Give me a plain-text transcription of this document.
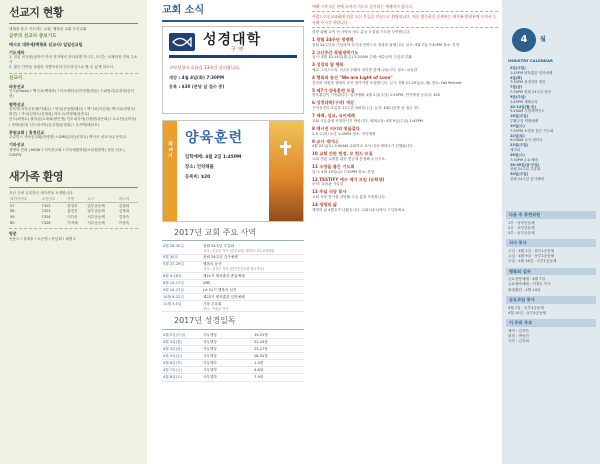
선교지 현황
세계를 품고 기도하는 교회, 행복한 교회 우리교회
금주의 선교사 중보기도
멕시코 대하제(백형표 선교사) 일일선교팀
기도제목
1. 일일 선교팀(남북이 이어 현지에서 하나되게 하시고, 모기는 교제현장 지켜 주소서
2. 많은 사역을 성령의 기쁨이신과 인도하심으로 할 수 있게 하소서
선교사
파송선교
인도(Kirpal) ! 멕시코(백형표) ! 아르헨티나(이영범/정윤) 스와힐리(유대혁/김지현)
협력선교
동북아(서북공동체/이대수) ! 북일(송성철/혜선) ! 멕시코(이승희) 멕시코(라영숙/화진) ! 가나(김영도/김영희) 라오스(이영태/윤종수)
인도(최영수) 필리핀(고대희/양은영) 인도네시아(김정원/유은희) ! 요르단(손미숙) ! 쿠바(장미) 인도네시아(김길생/윤경희) ! 우즈벡(배남호)
후원교회 | 특정선교
우수민스 사랑선교회(이명영) ! GMS/급딘(선학교) 멕시코 선교사나 문학교
기타선교
생명의 전화 | MOW ! 기독선교회 ! 미국예원학원/소년원중학) 정읍 선교 | CGNTV
새가족 환영
지난 주에 등록하신 새가족을 소개합니다.
새가족번호	교인번호	성명	교구	바나바
57	7322	한성호	남부공동체	김철희
58	7323	홍현진	남부공동체	김정희
59	7324	이다운	서부공동체	김정숙
60	7326	이지혜	서부공동체	이정숙
방문
신용주 ! 유재웅 ! 오은영 ! 한인희 ! 최명주
교회 소식
성경대학
구 약
구약성경의 흐름을 13주간 살펴봅니다.
개강 : 4월 4일(화) 7:30PM
등록 : $30 (본당 앞 접수 중)
제 5 기
양육훈련
입학예배: 4월 2일 1:45PM
장소: 언약채플
등록비: $20
2017년 교회 주요 사역
4월 28-30일	창립 24주년 부흥회
강사 : 임승호 목사 (한신교회) 캘리포니아 교회연합

4월 30일	창립 24주년 감사예배

5월 27-29일	행복의 동산
강사 : 윤석주 목사 (한인중앙교회 원로목사)

6월 9-18일	제21기 제자훈련 졸업예배

6월 15-17일	VBS

9월 24-27일	LA 51기 행복의 섬자

10월 8-22일	제22기 제자훈련 입학예배

11월 3-5일	가을 부흥회
강사 : 박성호 목사
2017년 성경일독
4월 2일(주일)	사무엘상	19-21장
4월 3일(월)	사무엘상	22-24장
4월 4일(화)	사무엘상	25-27장
4월 5일(수)	사무엘상	28-31장
4월 6일(목)	사무엘하	1-3장
4월 7일(금)	사무엘하	4-6장
4월 8일(토)	사무엘하	7-9장
예배 시작 5분 전에 오셔서 기도로 준비하는 예배자가 됩시다.
사랑으로선교교회에 처음 오신 분들을 진심으로 환영합니다. 처음 방문하신 분께서는 새가족 환영부에 오셔서 등록해 주시기 바랍니다.
결장 위해 교역 선 사랑의 성도 분들 5 살림 기도를 부탁합니다.
1 창립 24주년 생명력
창립 24주년을 기념하여 성가대 찬양으로 영광을 돌립니다. 일시: 4월 7일 7:30PM 장소: 본당
2 고난주간 특별새벽기도
일시: 4월 10-14일(월-금) 5:20AM 주제: 예수님의 고난과 부활
3 성경외 탐 행복
예수 그리스도의 고난과 부활의 의미를 함께 나눕니다. 장소: 교육관
4 행복의 동산 "We are Light of Love"
진리의 어빛을 행복의 동산 참가자를 모집합니다. 일시: 5월 27-29일(토-월) 장소: Fall Retreat
5 제7기 양육훈련 모집
양육훈련이 시작됩니다. 입학예배: 4월 2일(주일) 1:45PM, 언약채플 등록비: $20
6 성경대학(구약) 개강
구약성경의 흐름을 13주간 살펴봅니다. 등록: $30 (본당 앞 접수 중)
7 세례, 입교, 유아세례
교회 사무실에 신청하시기 바랍니다. 세례교육: 4월 9일(주일) 1:45PM
8 예시진 터키의 땅을걸다
2-5 주(화) 오후 1:45PM 장소: 언약채플
9 교사 세미나
4월 22일(토) 9:00AM 교회학교 교사 대상 세미나가 진행됩니다.
10 교회 간판 헌정, 모 헌드 모집
교회 간판 교체를 위한 헌금에 동참해 주십시오.
11 소망을 품은 기도회
일시: 4월 19일(수) 7:30PM 장소: 본당
12 TESTIFY 예수 제기 모임 (유학생)
문의: 교육관 사무실
13 주일 식당 봉사
교회 식당 봉사를 감당해 주실 분을 모집합니다.
14 생명의 삶
생명의 삶 4월호가 나왔습니다. 교회서무실에서 구입하세요.
4	월
MINISTRY CALENDAR
2일(주일)
1:45PM 양육훈련 입학예배
4일(화)
7:30PM 성경대학 개강
7일(금)
7:30PM 창립 24주년 찬양
9일(주일)
1:45PM 세례교육
10-14일(월-금)
5:20AM 특별새벽기도
16일(주일)
부활주일 연합예배
19일(수)
7:30PM 소망을 품은 기도회
22일(토)
9:00AM 교사 세미나
23일(주일)
제직회
26일(수)
7:30PM 수요예배
28-30일(금-주일)
창립 24주년 부흥회
30일(주일)
창립 24주년 감사예배
다음 주 봉헌위원
1부 · 남북공동체
2부 · 서부공동체
3부 · 동부공동체
식사 봉사
주일 · 4월 2일 · 남부1공동체
주일 · 4월 9일 · 동부1공동체
주일 · 4월 16일 · 서부1공동체
행복의 섬자
금요찬양예배 : 4월 7일
금요철야예배 : 이재우 목사
화평훈련 : 4월 14일
금요모임 봉사
4월 7일 · 동부3공동체
4월 14일 · 동부4공동체
이 주의 주보
제작 : 김지안
편집 : 박성진
사진 : 김진희
